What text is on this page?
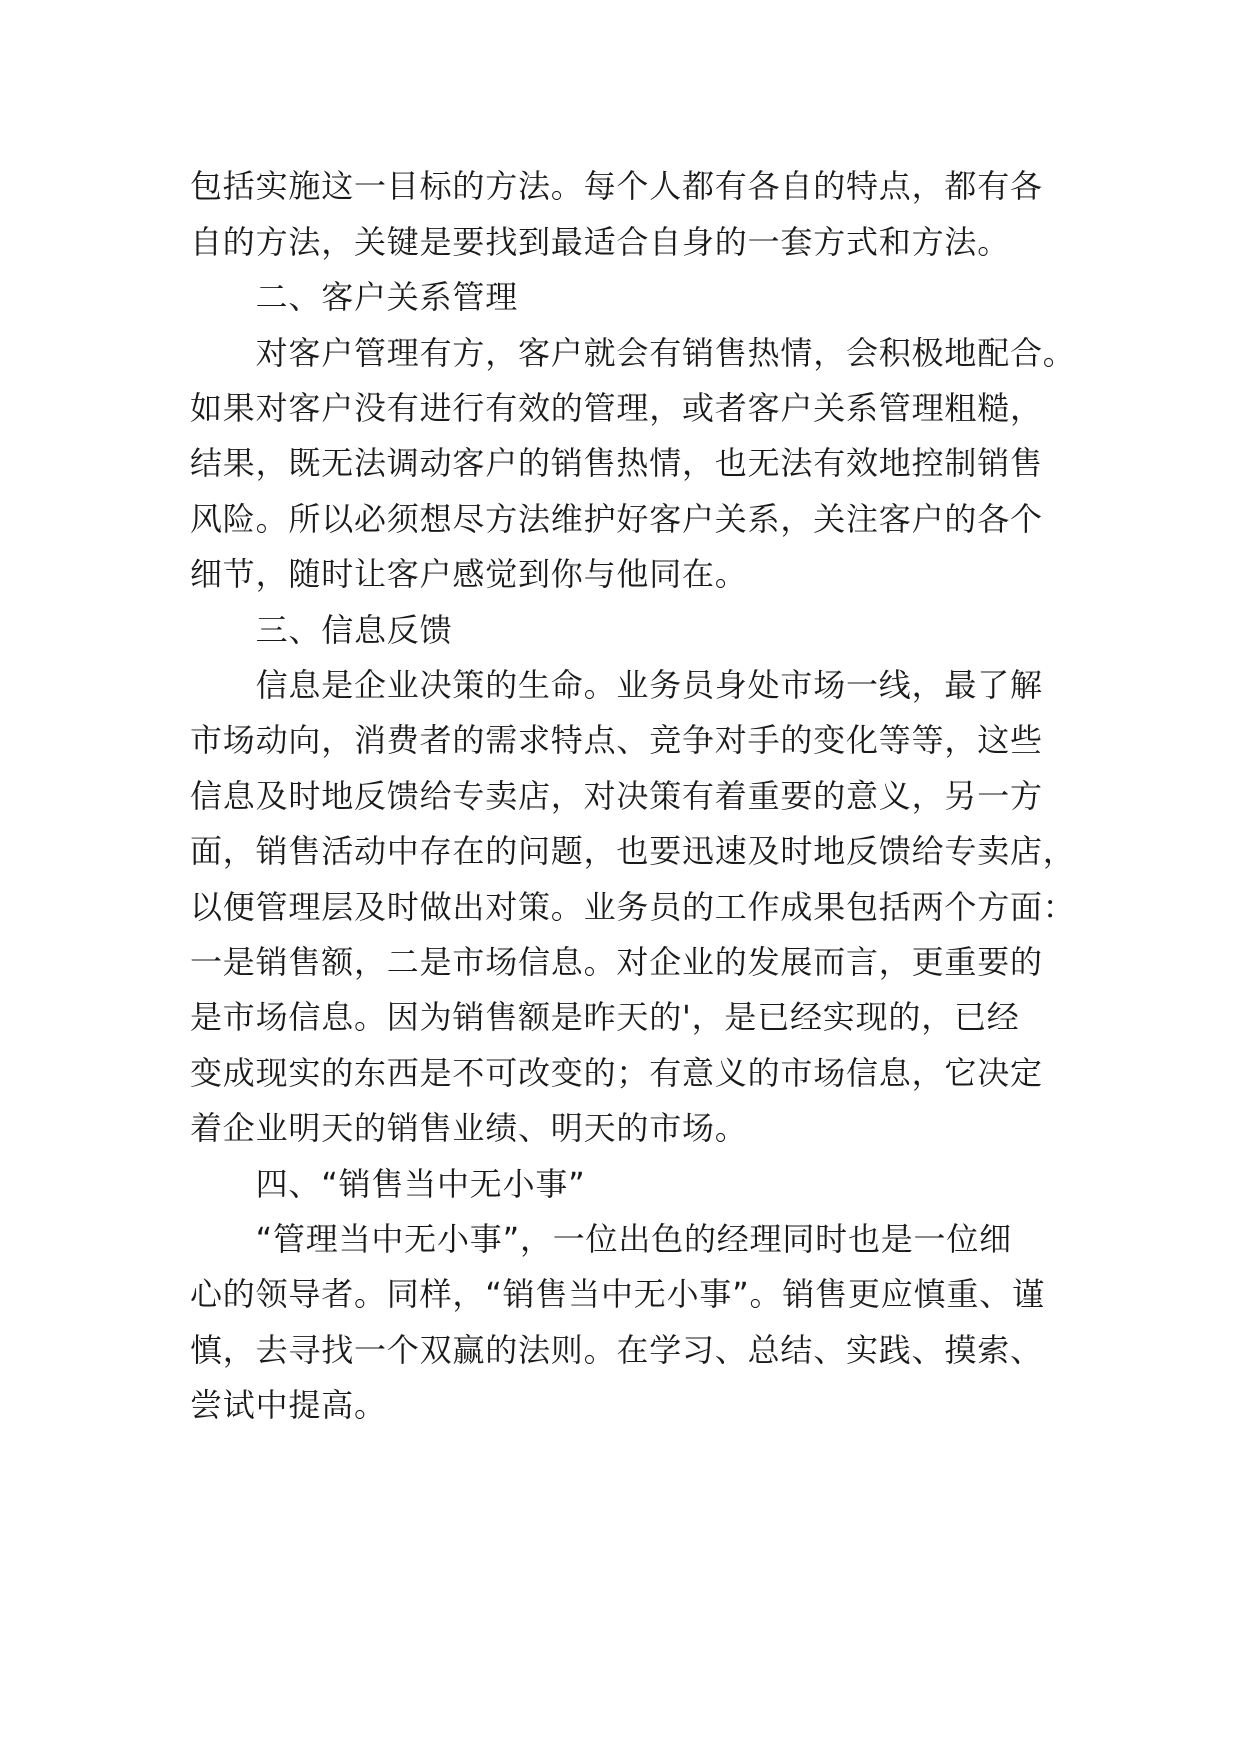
包括实施这一目标的方法。每个人都有各自的特点，都有各
自的方法，关键是要找到最适合自身的一套方式和方法。
　　二、客户关系管理
　　对客户管理有方，客户就会有销售热情，会积极地配合。
如果对客户没有进行有效的管理，或者客户关系管理粗糙，
结果，既无法调动客户的销售热情，也无法有效地控制销售
风险。所以必须想尽方法维护好客户关系，关注客户的各个
细节，随时让客户感觉到你与他同在。
　　三、信息反馈
　　信息是企业决策的生命。业务员身处市场一线，最了解
市场动向，消费者的需求特点、竞争对手的变化等等，这些
信息及时地反馈给专卖店，对决策有着重要的意义，另一方
面，销售活动中存在的问题，也要迅速及时地反馈给专卖店，
以便管理层及时做出对策。业务员的工作成果包括两个方面：
一是销售额，二是市场信息。对企业的发展而言，更重要的
是市场信息。因为销售额是昨天的'，是已经实现的，已经
变成现实的东西是不可改变的；有意义的市场信息，它决定
着企业明天的销售业绩、明天的市场。
　　四、“销售当中无小事”
　　“管理当中无小事”，一位出色的经理同时也是一位细
心的领导者。同样，“销售当中无小事”。销售更应慎重、谨
慎，去寻找一个双赢的法则。在学习、总结、实践、摸索、
尝试中提高。
